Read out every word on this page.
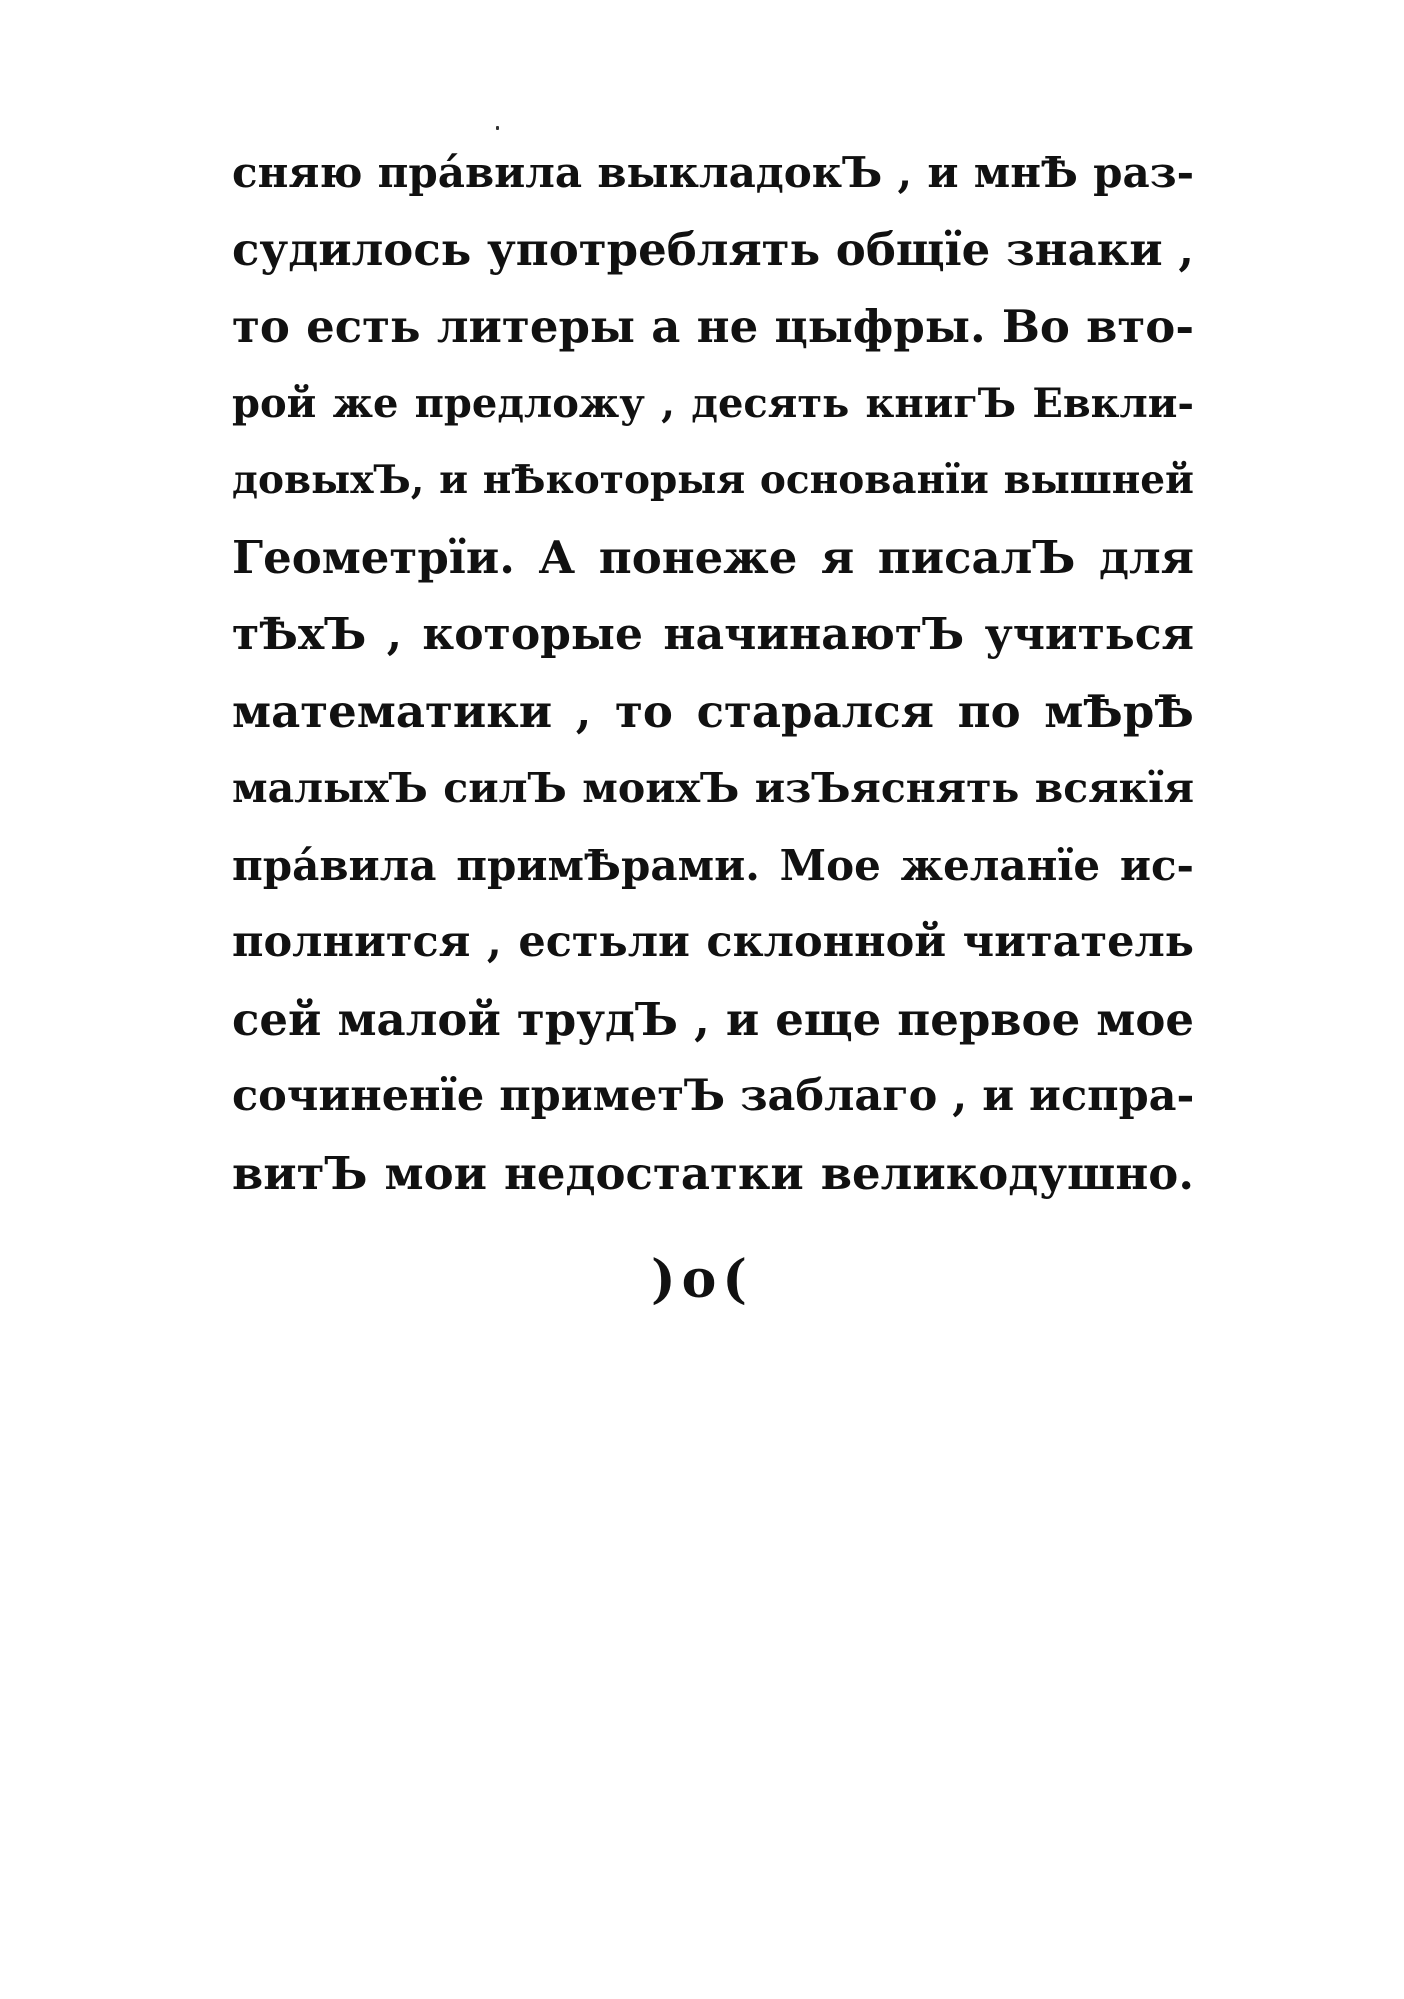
сняю прáвила выкладокЪ , и мнѢ раз-
судилось употреблять общїе знаки ,
то есть литеры а не цыфры. Во вто-
рой же предложу , десять книгЪ Евкли-
довыхЪ, и нѢкоторыя основанїи вышней
Геометрїи. А понеже я писалЪ для
тѢхЪ , которые начинаютЪ учиться
математики , то старался по мѢрѢ
малыхЪ силЪ моихЪ изЪяснять всякїя
прáвила примѢрами. Мое желанїе ис-
полнится , естьли склонной читатель
сей малой трудЪ , и еще первое мое
сочиненїе приметЪ заблаго , и испра-
витЪ мои недостатки великодушно.
)o(
